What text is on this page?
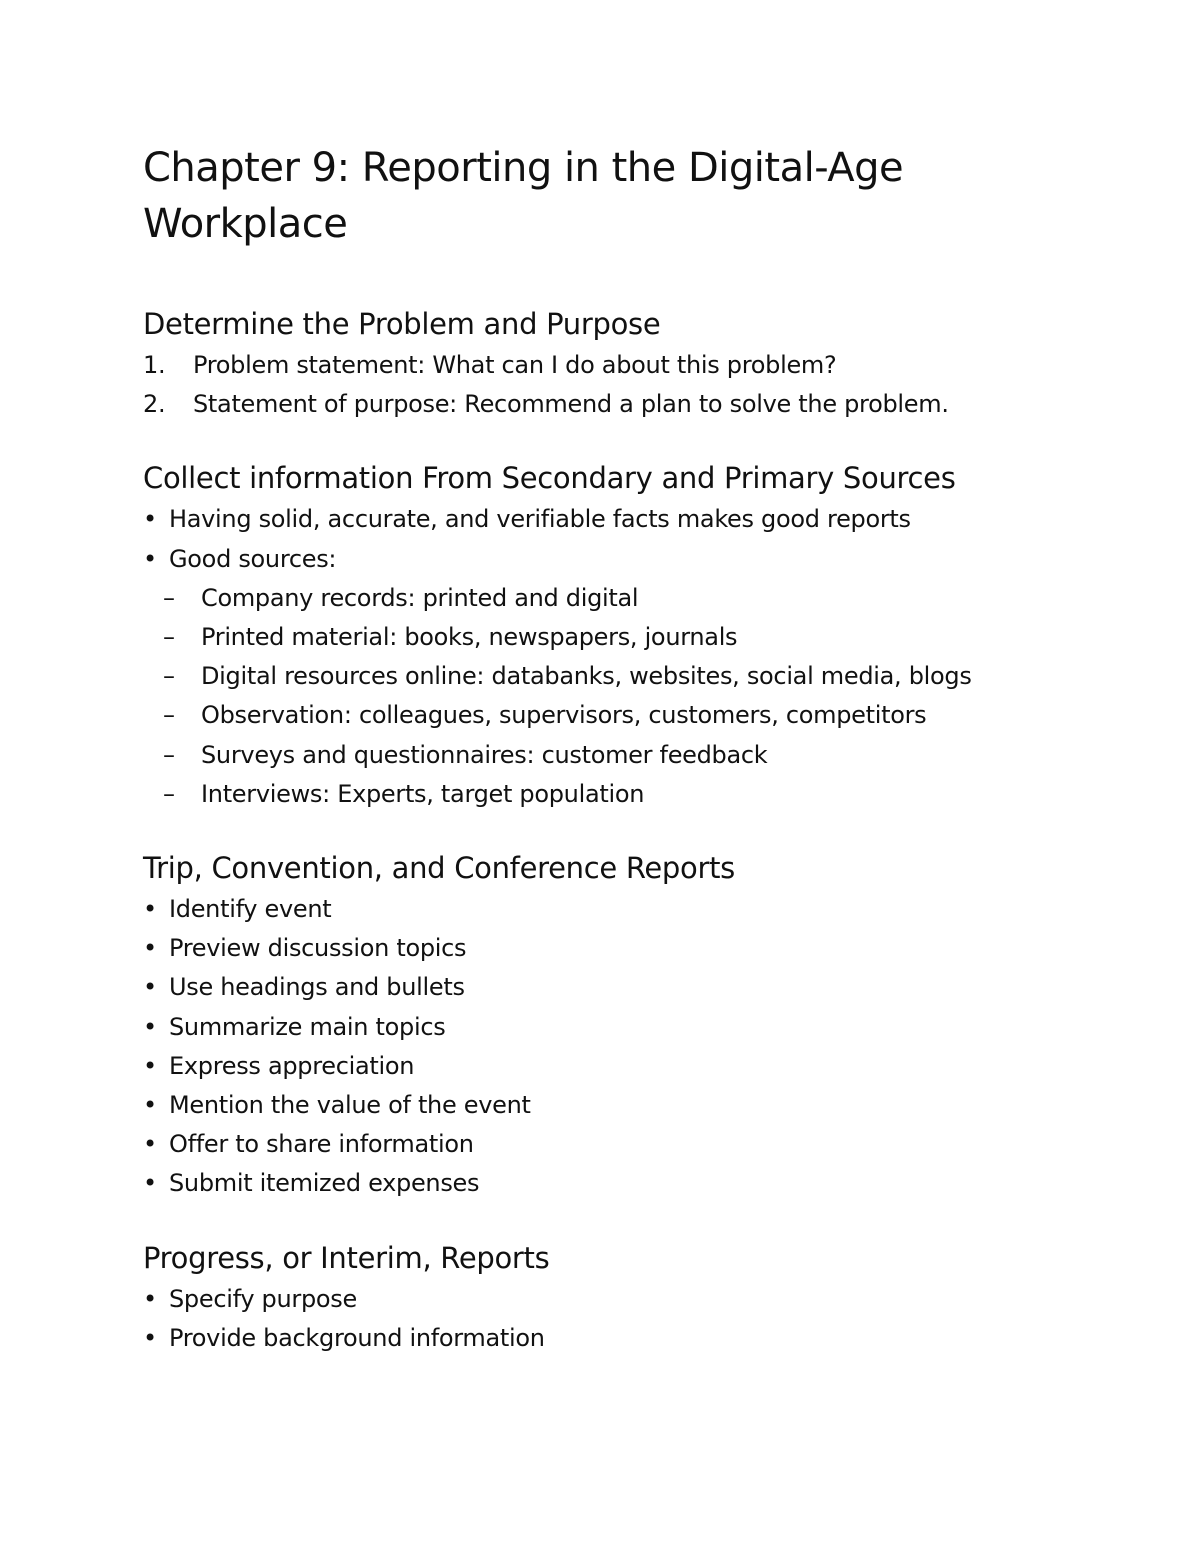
Chapter 9: Reporting in the Digital-Age Workplace
Determine the Problem and Purpose
1. Problem statement: What can I do about this problem?
2. Statement of purpose: Recommend a plan to solve the problem.
Collect information From Secondary and Primary Sources
• Having solid, accurate, and verifiable facts makes good reports
• Good sources:
– Company records: printed and digital
– Printed material: books, newspapers, journals
– Digital resources online: databanks, websites, social media, blogs
– Observation: colleagues, supervisors, customers, competitors
– Surveys and questionnaires: customer feedback
– Interviews: Experts, target population
Trip, Convention, and Conference Reports
• Identify event
• Preview discussion topics
• Use headings and bullets
• Summarize main topics
• Express appreciation
• Mention the value of the event
• Offer to share information
• Submit itemized expenses
Progress, or Interim, Reports
• Specify purpose
• Provide background information
